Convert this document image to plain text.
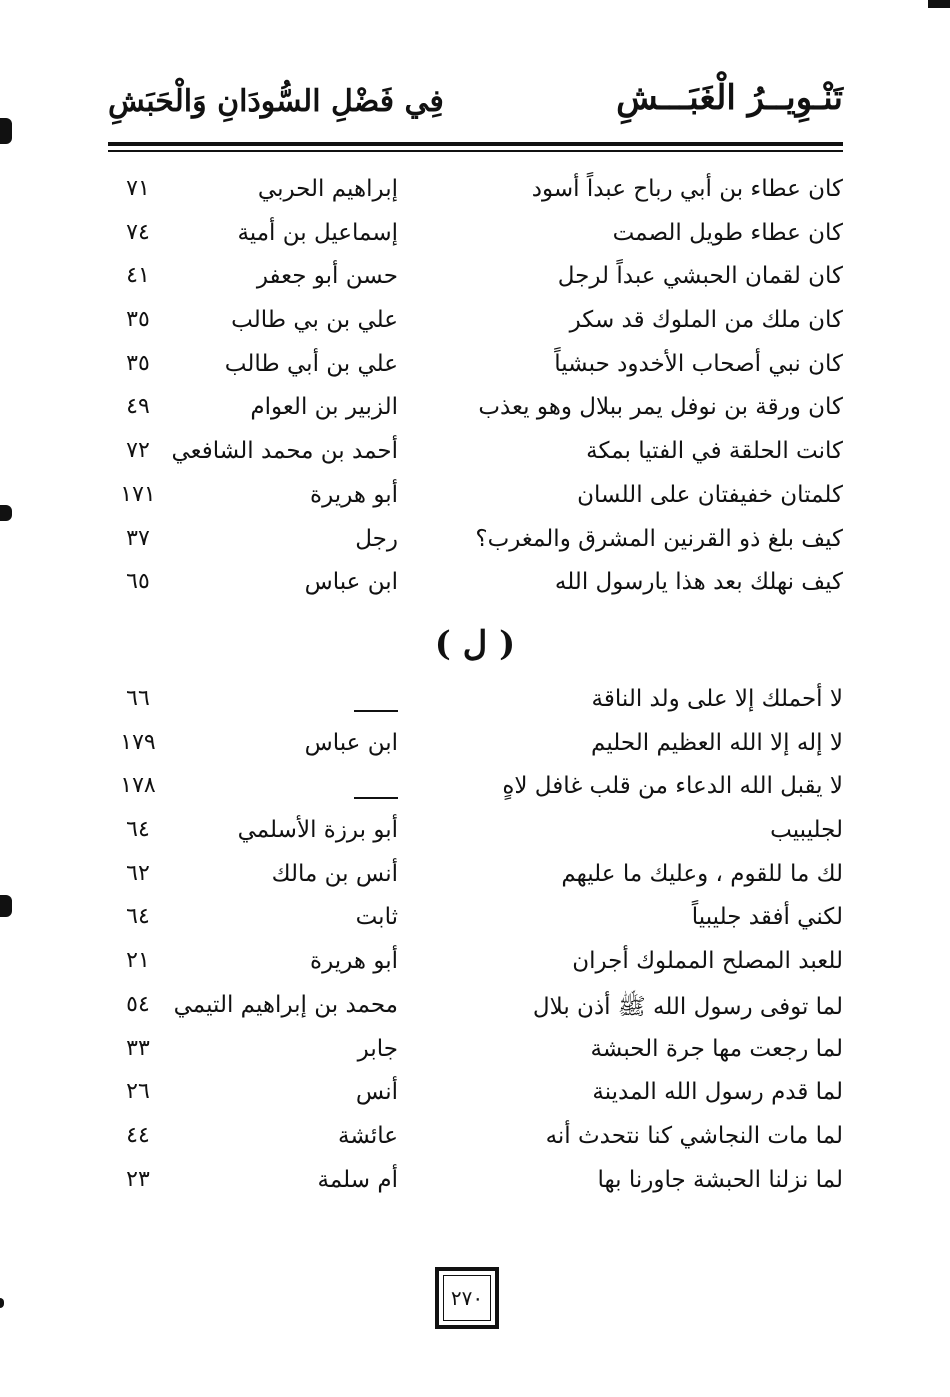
تَنْـوِيــرُ الْغَبَـــشِ
فِي فَضْلِ السُّودَانِ وَالْحَبَشِ
كان عطاء بن أبي رباح عبداً أسود
إبراهيم الحربي
٧١
كان عطاء طويل الصمت
إسماعيل بن أمية
٧٤
كان لقمان الحبشي عبداً لرجل
حسن أبو جعفر
٤١
كان ملك من الملوك قد سكر
علي بن بي طالب
٣٥
كان نبي أصحاب الأخدود حبشياً
علي بن أبي طالب
٣٥
كان ورقة بن نوفل يمر ببلال وهو يعذب
الزبير بن العوام
٤٩
كانت الحلقة في الفتيا بمكة
أحمد بن محمد الشافعي
٧٢
كلمتان خفيفتان على اللسان
أبو هريرة
١٧١
كيف بلغ ذو القرنين المشرق والمغرب؟
رجل
٣٧
كيف نهلك بعد هذا يارسول الله
ابن عباس
٦٥
( ل )
لا أحملك إلا على ولد الناقة
٦٦
لا إله إلا الله العظيم الحليم
ابن عباس
١٧٩
لا يقبل الله الدعاء من قلب غافل لاهٍ
١٧٨
لجليبيب
أبو برزة الأسلمي
٦٤
لك ما للقوم ، وعليك ما عليهم
أنس بن مالك
٦٢
لكني أفقد جليبياً
ثابت
٦٤
للعبد المصلح المملوك أجران
أبو هريرة
٢١
لما توفى رسول الله ﷺ أذن بلال
محمد بن إبراهيم التيمي
٥٤
لما رجعت مها جرة الحبشة
جابر
٣٣
لما قدم رسول الله المدينة
أنس
٢٦
لما مات النجاشي كنا نتحدث أنه
عائشة
٤٤
لما نزلنا الحبشة جاورنا بها
أم سلمة
٢٣
٢٧٠
